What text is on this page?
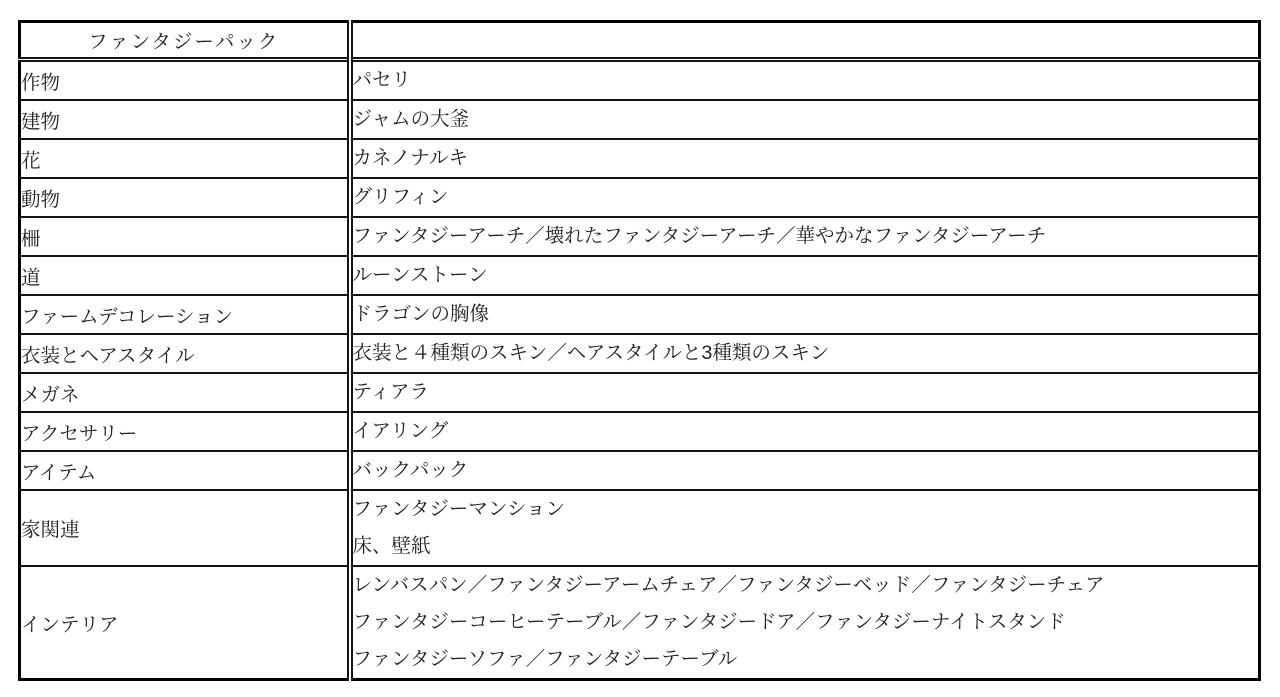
ファンタジーパック	
作物	パセリ

建物	ジャムの大釜

花	カネノナルキ

動物	グリフィン

柵	ファンタジーアーチ／壊れたファンタジーアーチ／華やかなファンタジーアーチ

道	ルーンストーン

ファームデコレーション	ドラゴンの胸像

衣装とヘアスタイル	衣装と４種類のスキン／ヘアスタイルと3種類のスキン

メガネ	ティアラ

アクセサリー	イアリング

アイテム	バックパック

家関連	ファンタジーマンション
床、壁紙

インテリア	レンバスパン／ファンタジーアームチェア／ファンタジーベッド／ファンタジーチェア
ファンタジーコーヒーテーブル／ファンタジードア／ファンタジーナイトスタンド
ファンタジーソファ／ファンタジーテーブル
